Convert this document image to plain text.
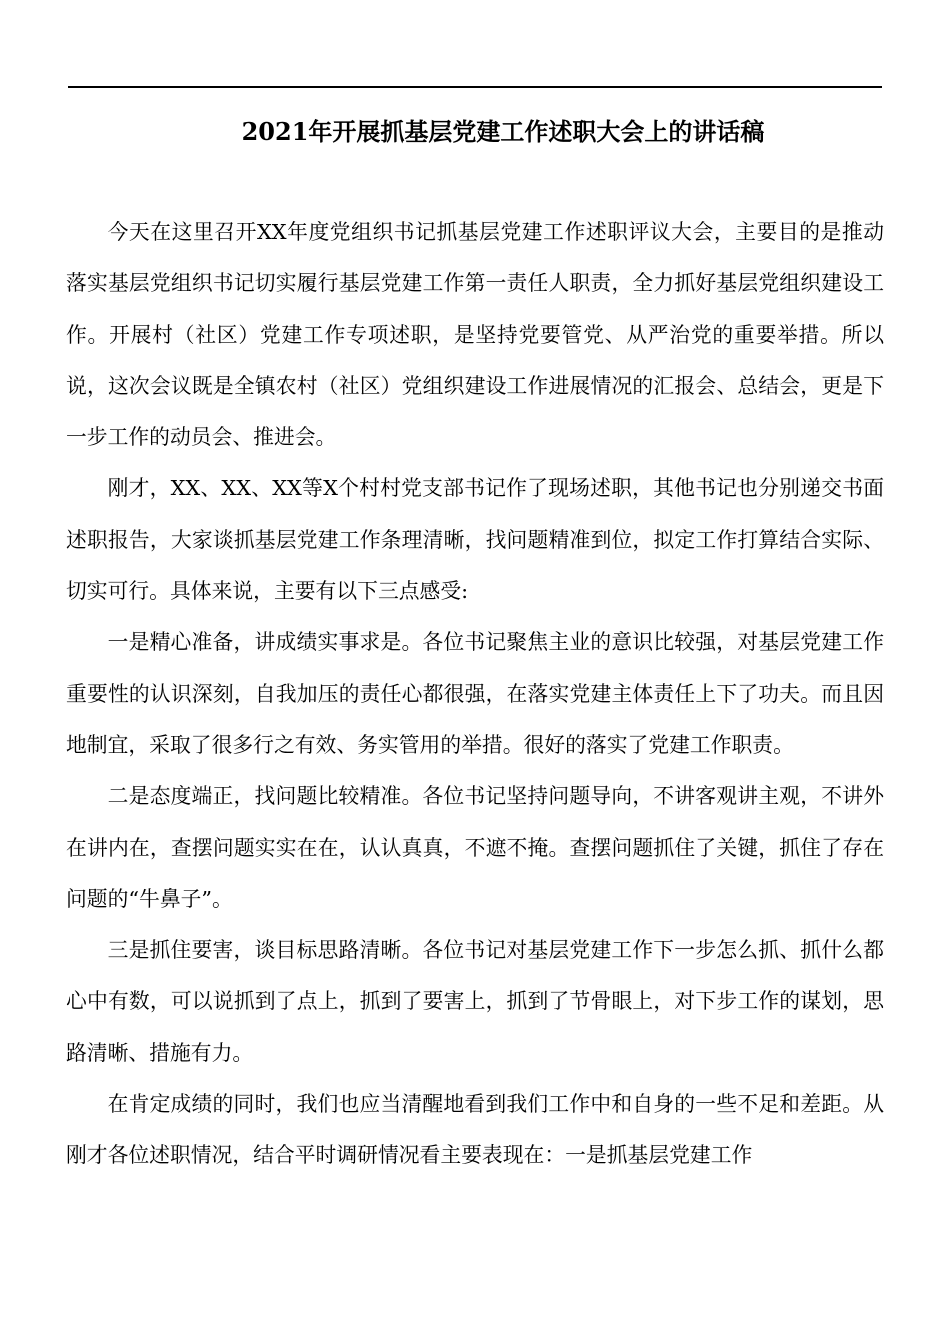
2021年开展抓基层党建工作述职大会上的讲话稿

今天在这里召开XX年度党组织书记抓基层党建工作述职评议大会，主要目的是推动落实基层党组织书记切实履行基层党建工作第一责任人职责，全力抓好基层党组织建设工作。开展村（社区）党建工作专项述职，是坚持党要管党、从严治党的重要举措。所以说，这次会议既是全镇农村（社区）党组织建设工作进展情况的汇报会、总结会，更是下一步工作的动员会、推进会。

刚才，XX、XX、XX等X个村村党支部书记作了现场述职，其他书记也分别递交书面述职报告，大家谈抓基层党建工作条理清晰，找问题精准到位，拟定工作打算结合实际、切实可行。具体来说，主要有以下三点感受:

一是精心准备，讲成绩实事求是。各位书记聚焦主业的意识比较强，对基层党建工作重要性的认识深刻，自我加压的责任心都很强，在落实党建主体责任上下了功夫。而且因地制宜，采取了很多行之有效、务实管用的举措。很好的落实了党建工作职责。

二是态度端正，找问题比较精准。各位书记坚持问题导向，不讲客观讲主观，不讲外在讲内在，查摆问题实实在在，认认真真，不遮不掩。查摆问题抓住了关键，抓住了存在问题的“牛鼻子”。

三是抓住要害，谈目标思路清晰。各位书记对基层党建工作下一步怎么抓、抓什么都心中有数，可以说抓到了点上，抓到了要害上，抓到了节骨眼上，对下步工作的谋划，思路清晰、措施有力。

在肯定成绩的同时，我们也应当清醒地看到我们工作中和自身的一些不足和差距。从刚才各位述职情况，结合平时调研情况看主要表现在：一是抓基层党建工作
